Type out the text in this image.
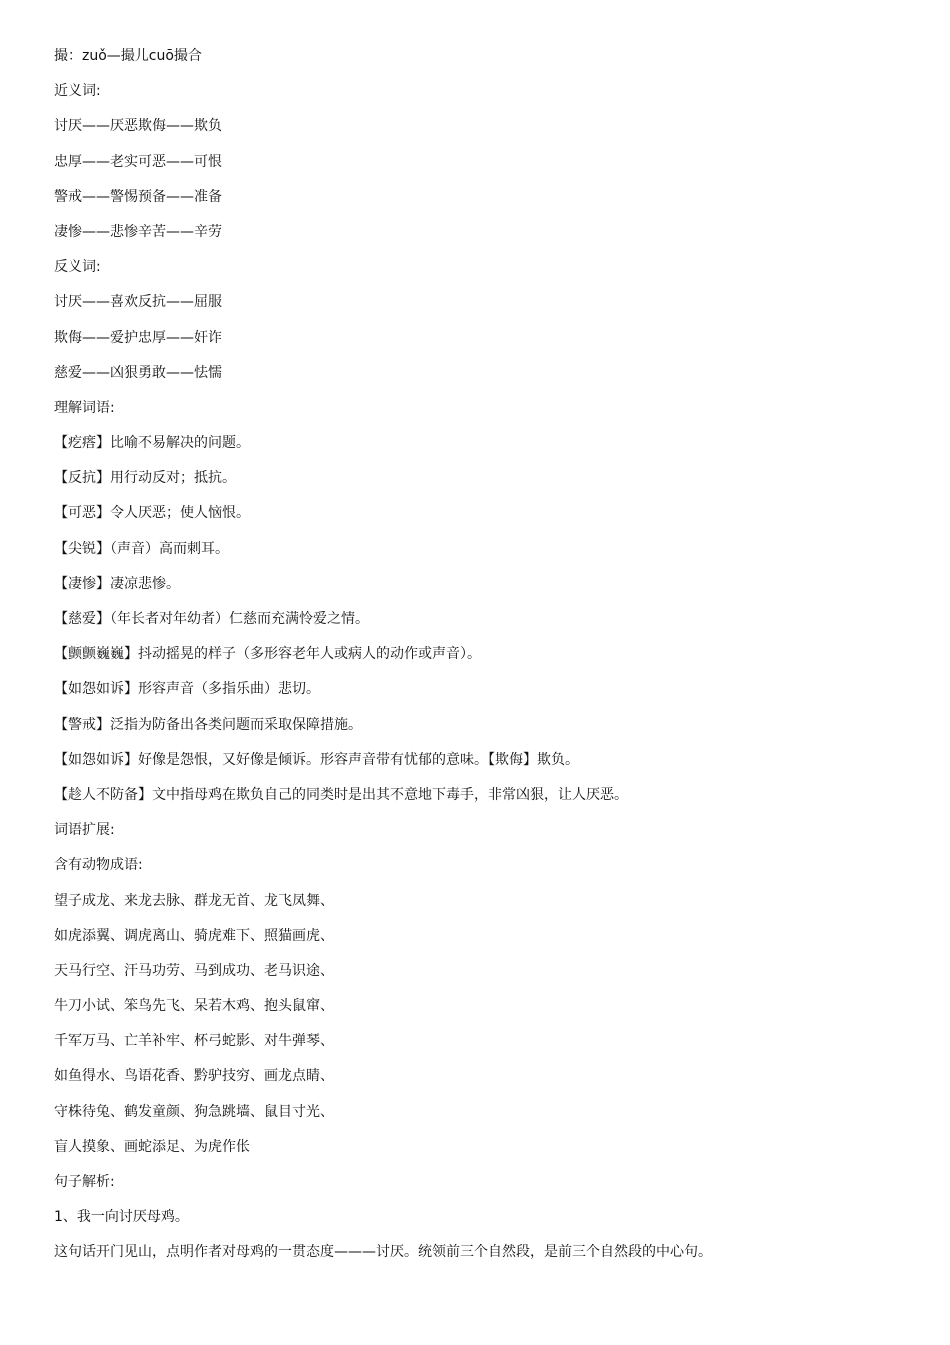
撮：zuǒ—撮儿cuō撮合
近义词:
讨厌——厌恶欺侮——欺负
忠厚——老实可恶——可恨
警戒——警惕预备——准备
凄惨——悲惨辛苦——辛劳
反义词:
讨厌——喜欢反抗——屈服
欺侮——爱护忠厚——奸诈
慈爱——凶狠勇敢——怯懦
理解词语:
【疙瘩】比喻不易解决的问题。
【反抗】用行动反对；抵抗。
【可恶】令人厌恶；使人恼恨。
【尖锐】（声音）高而刺耳。
【凄惨】凄凉悲惨。
【慈爱】（年长者对年幼者）仁慈而充满怜爱之情。
【颤颤巍巍】抖动摇晃的样子（多形容老年人或病人的动作或声音）。
【如怨如诉】形容声音（多指乐曲）悲切。
【警戒】泛指为防备出各类问题而采取保障措施。
【如怨如诉】好像是怨恨，又好像是倾诉。形容声音带有忧郁的意味。【欺侮】欺负。
【趁人不防备】文中指母鸡在欺负自己的同类时是出其不意地下毒手，非常凶狠，让人厌恶。
词语扩展:
含有动物成语:
望子成龙、来龙去脉、群龙无首、龙飞凤舞、
如虎添翼、调虎离山、骑虎难下、照猫画虎、
天马行空、汗马功劳、马到成功、老马识途、
牛刀小试、笨鸟先飞、呆若木鸡、抱头鼠窜、
千军万马、亡羊补牢、杯弓蛇影、对牛弹琴、
如鱼得水、鸟语花香、黔驴技穷、画龙点睛、
守株待兔、鹤发童颜、狗急跳墙、鼠目寸光、
盲人摸象、画蛇添足、为虎作伥
句子解析:
1、我一向讨厌母鸡。
这句话开门见山，点明作者对母鸡的一贯态度———讨厌。统领前三个自然段，是前三个自然段的中心句。
